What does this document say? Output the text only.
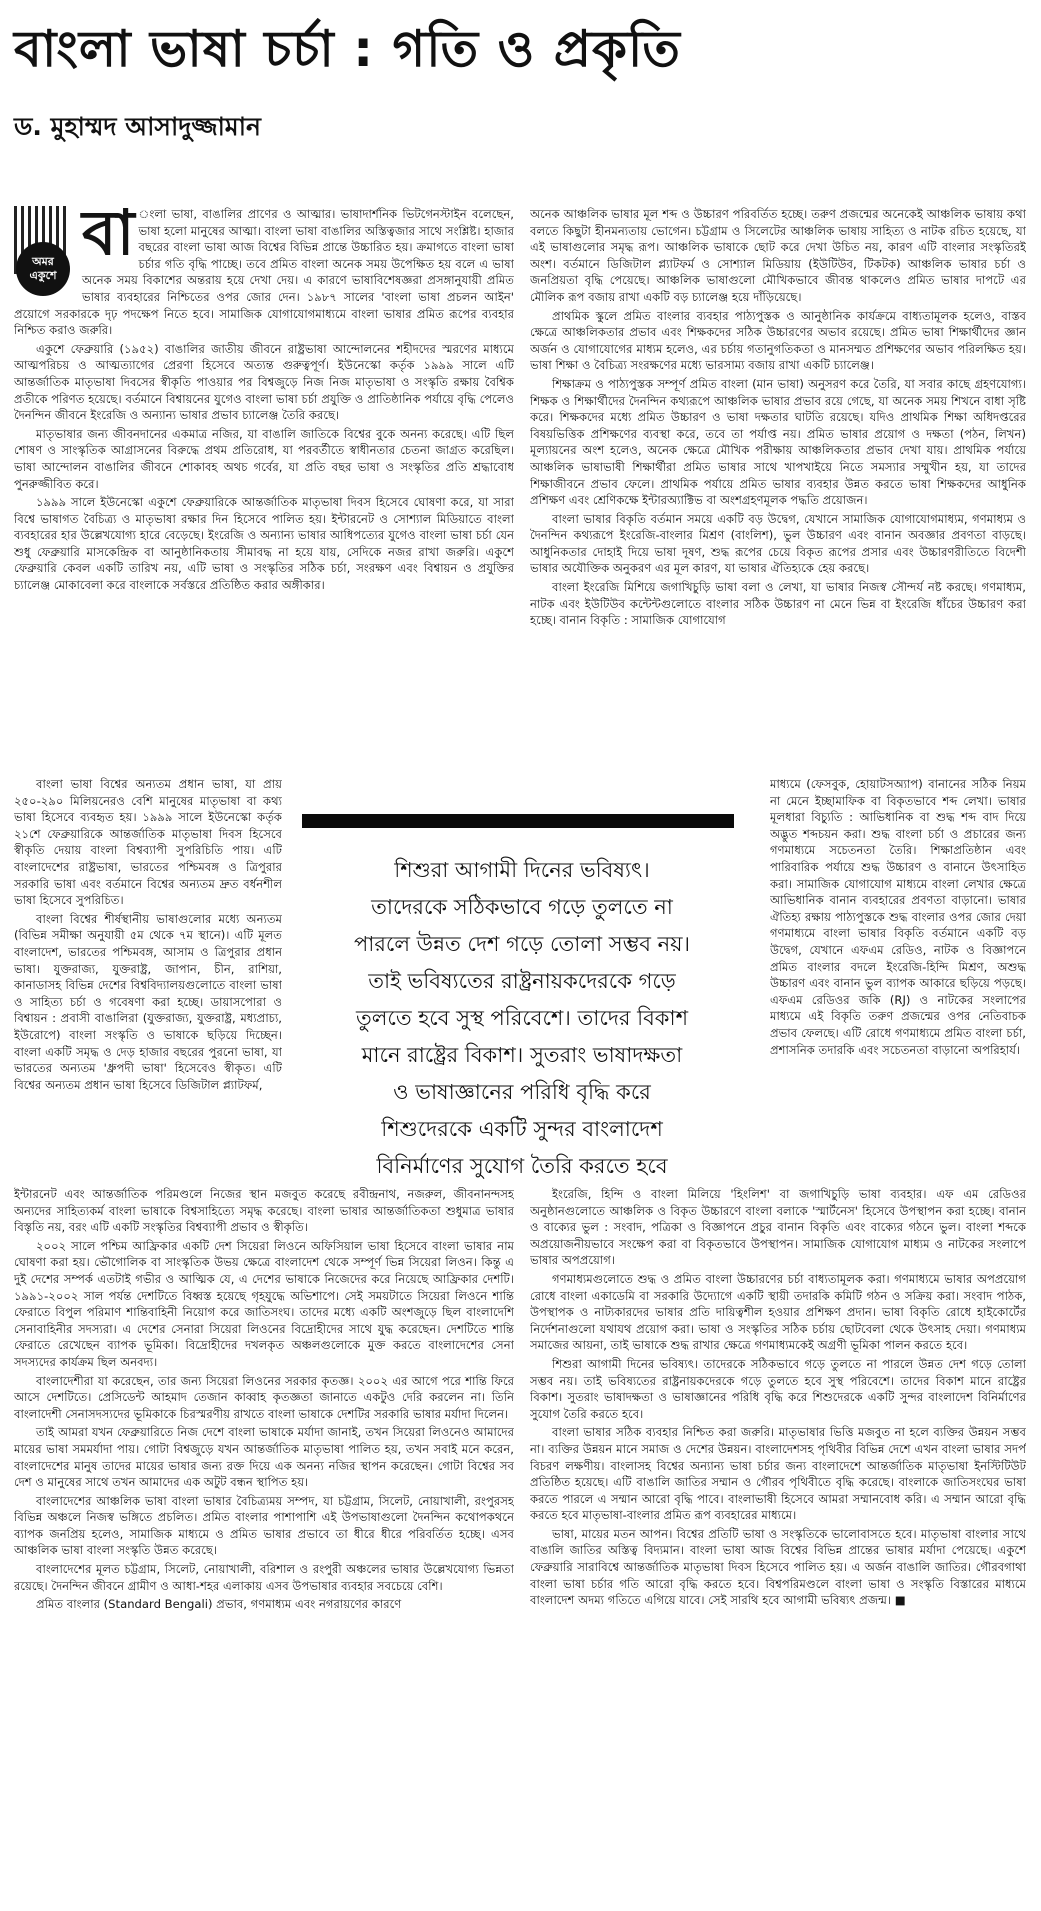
বাংলা ভাষা চর্চা : গতি ও প্রকৃতি
ড. মুহাম্মদ আসাদুজ্জামান
অমর
একুশে
বা ংলা ভাষা, বাঙালির প্রাণের ও আত্মার। ভাষাদার্শনিক ভিটগেনস্টাইন বলেছেন, ভাষা হলো মানুষের আত্মা। বাংলা ভাষা বাঙালির অস্তিত্বজার সাথে সংশ্লিষ্ট। হাজার বছরের বাংলা ভাষা আজ বিশ্বের বিভিন্ন প্রান্তে উচ্চারিত হয়। ক্রমাগতে বাংলা ভাষা চর্চার গতি বৃদ্ধি পাচ্ছে। তবে প্রমিত বাংলা অনেক সময় উপেক্ষিত হয় বলে এ ভাষা অনেক সময় বিকাশের অন্তরায় হয়ে দেখা দেয়। এ কারণে ভাষাবিশেষজ্ঞরা প্রসঙ্গানুযায়ী প্রমিত ভাষার ব্যবহারের নিশ্চিতের ওপর জোর দেন। ১৯৮৭ সালের 'বাংলা ভাষা প্রচলন আইন' প্রয়োগে সরকারকে দৃঢ় পদক্ষেপ নিতে হবে। সামাজিক যোগাযোগমাধ্যমে বাংলা ভাষার প্রমিত রূপের ব্যবহার নিশ্চিত করাও জরুরি।

একুশে ফেব্রুয়ারি (১৯৫২) বাঙালির জাতীয় জীবনে রাষ্ট্রভাষা আন্দোলনের শহীদদের স্মরণের মাধ্যমে আত্মপরিচয় ও আত্মত্যাগের প্রেরণা হিসেবে অত্যন্ত গুরুত্বপূর্ণ। ইউনেস্কো কর্তৃক ১৯৯৯ সালে এটি আন্তর্জাতিক মাতৃভাষা দিবসের স্বীকৃতি পাওয়ার পর বিশ্বজুড়ে নিজ নিজ মাতৃভাষা ও সংস্কৃতি রক্ষায় বৈশ্বিক প্রতীকে পরিণত হয়েছে। বর্তমানে বিশ্বায়নের যুগেও বাংলা ভাষা চর্চা প্রযুক্তি ও প্রাতিষ্ঠানিক পর্যায়ে বৃদ্ধি পেলেও দৈনন্দিন জীবনে ইংরেজি ও অন্যান্য ভাষার প্রভাব চ্যালেঞ্জ তৈরি করছে।

মাতৃভাষার জন্য জীবনদানের একমাত্র নজির, যা বাঙালি জাতিকে বিশ্বের বুকে অনন্য করেছে। এটি ছিল শোষণ ও সাংস্কৃতিক আগ্রাসনের বিরুদ্ধে প্রথম প্রতিরোধ, যা পরবর্তীতে স্বাধীনতার চেতনা জাগ্রত করেছিল। ভাষা আন্দোলন বাঙালির জীবনে শোকাবহ অথচ গর্বের, যা প্রতি বছর ভাষা ও সংস্কৃতির প্রতি শ্রদ্ধাবোধ পুনরুজ্জীবিত করে।

১৯৯৯ সালে ইউনেস্কো একুশে ফেব্রুয়ারিকে আন্তর্জাতিক মাতৃভাষা দিবস হিসেবে ঘোষণা করে, যা সারা বিশ্বে ভাষাগত বৈচিত্র্য ও মাতৃভাষা রক্ষার দিন হিসেবে পালিত হয়। ইন্টারনেট ও সোশ্যাল মিডিয়াতে বাংলা ব্যবহারের হার উল্লেখযোগ্য হারে বেড়েছে। ইংরেজি ও অন্যান্য ভাষার আধিপত্যের যুগেও বাংলা ভাষা চর্চা যেন শুধু ফেব্রুয়ারি মাসকেন্দ্রিক বা আনুষ্ঠানিকতায় সীমাবদ্ধ না হয়ে যায়, সেদিকে নজর রাখা জরুরি। একুশে ফেব্রুয়ারি কেবল একটি তারিখ নয়, এটি ভাষা ও সংস্কৃতির সঠিক চর্চা, সংরক্ষণ এবং বিশ্বায়ন ও প্রযুক্তির চ্যালেঞ্জ মোকাবেলা করে বাংলাকে সর্বস্তরে প্রতিষ্ঠিত করার অঙ্গীকার।

বাংলা ভাষা বিশ্বের অন্যতম প্রধান ভাষা, যা প্রায় ২৫০-২৯০ মিলিয়নেরও বেশি মানুষের মাতৃভাষা বা কথ্য ভাষা হিসেবে ব্যবহৃত হয়। ১৯৯৯ সালে ইউনেস্কো কর্তৃক ২১শে ফেব্রুয়ারিকে আন্তর্জাতিক মাতৃভাষা দিবস হিসেবে স্বীকৃতি দেয়ায় বাংলা বিশ্বব্যাপী সুপরিচিতি পায়। এটি বাংলাদেশের রাষ্ট্রভাষা, ভারতের পশ্চিমবঙ্গ ও ত্রিপুরার সরকারি ভাষা এবং বর্তমানে বিশ্বের অন্যতম দ্রুত বর্ধনশীল ভাষা হিসেবে সুপরিচিত।

বাংলা বিশ্বের শীর্ষস্থানীয় ভাষাগুলোর মধ্যে অন্যতম (বিভিন্ন সমীক্ষা অনুযায়ী ৫ম থেকে ৭ম স্থানে)। এটি মূলত বাংলাদেশ, ভারতের পশ্চিমবঙ্গ, আসাম ও ত্রিপুরার প্রধান ভাষা। যুক্তরাজ্য, যুক্তরাষ্ট্র, জাপান, চীন, রাশিয়া, কানাডাসহ বিভিন্ন দেশের বিশ্ববিদ্যালয়গুলোতে বাংলা ভাষা ও সাহিত্য চর্চা ও গবেষণা করা হচ্ছে। ডায়াসপোরা ও বিশ্বায়ন : প্রবাসী বাঙালিরা (যুক্তরাজ্য, যুক্তরাষ্ট্র, মধ্যপ্রাচ্য, ইউরোপে) বাংলা সংস্কৃতি ও ভাষাকে ছড়িয়ে দিচ্ছেন। বাংলা একটি সমৃদ্ধ ও দেড় হাজার বছরের পুরনো ভাষা, যা ভারতের অন্যতম 'ধ্রুপদী ভাষা' হিসেবেও স্বীকৃত। এটি বিশ্বের অন্যতম প্রধান ভাষা হিসেবে ডিজিটাল প্ল্যাটফর্ম,

শিশুরা আগামী দিনের ভবিষ্যৎ।
তাদেরকে সঠিকভাবে গড়ে তুলতে না
পারলে উন্নত দেশ গড়ে তোলা সম্ভব নয়।
তাই ভবিষ্যতের রাষ্ট্রনায়কদেরকে গড়ে
তুলতে হবে সুস্থ পরিবেশে। তাদের বিকাশ
মানে রাষ্ট্রের বিকাশ। সুতরাং ভাষাদক্ষতা
ও ভাষাজ্ঞানের পরিধি বৃদ্ধি করে
শিশুদেরকে একটি সুন্দর বাংলাদেশ
বিনির্মাণের সুযোগ তৈরি করতে হবে

ইন্টারনেট এবং আন্তর্জাতিক পরিমণ্ডলে নিজের স্থান মজবুত করেছে রবীন্দ্রনাথ, নজরুল, জীবনানন্দসহ অন্যদের সাহিত্যকর্ম বাংলা ভাষাকে বিশ্বসাহিত্যে সমৃদ্ধ করেছে। বাংলা ভাষার আন্তর্জাতিকতা শুধুমাত্র ভাষার বিস্তৃতি নয়, বরং এটি একটি সংস্কৃতির বিশ্বব্যাপী প্রভাব ও স্বীকৃতি।

২০০২ সালে পশ্চিম আফ্রিকার একটি দেশ সিয়েরা লিওনে অফিসিয়াল ভাষা হিসেবে বাংলা ভাষার নাম ঘোষণা করা হয়। ভৌগোলিক বা সাংস্কৃতিক উভয় ক্ষেত্রে বাংলাদেশ থেকে সম্পূর্ণ ভিন্ন সিয়েরা লিওন। কিন্তু এ দুই দেশের সম্পর্ক এতটাই গভীর ও আত্মিক যে, এ দেশের ভাষাকে নিজেদের করে নিয়েছে আফ্রিকার দেশটি। ১৯৯১-২০০২ সাল পর্যন্ত দেশটিতে বিধ্বস্ত হয়েছে গৃহযুদ্ধে অভিশাপে। সেই সময়টাতে সিয়েরা লিওনে শান্তি ফেরাতে বিপুল পরিমাণ শান্তিবাহিনী নিয়োগ করে জাতিসংঘ। তাদের মধ্যে একটি অংশজুড়ে ছিল বাংলাদেশি সেনাবাহিনীর সদস্যরা। এ দেশের সেনারা সিয়েরা লিওনের বিদ্রোহীদের সাথে যুদ্ধ করেছেন। দেশটিতে শান্তি ফেরাতে রেখেছেন ব্যাপক ভূমিকা। বিদ্রোহীদের দখলকৃত অঞ্চলগুলোকে মুক্ত করতে বাংলাদেশের সেনা সদস্যদের কার্যক্রম ছিল অনবদ্য।

বাংলাদেশীরা যা করেছেন, তার জন্য সিয়েরা লিওনের সরকার কৃতজ্ঞ। ২০০২ এর আগে পরে শান্তি ফিরে আসে দেশটিতে। প্রেসিডেন্ট আহমাদ তেজান কাব্বাহ কৃতজ্ঞতা জানাতে একটুও দেরি করলেন না। তিনি বাংলাদেশী সেনাসদস্যদের ভূমিকাকে চিরস্মরণীয় রাখতে বাংলা ভাষাকে দেশটির সরকারি ভাষার মর্যাদা দিলেন।

তাই আমরা যখন ফেব্রুয়ারিতে নিজ দেশে বাংলা ভাষাকে মর্যাদা জানাই, তখন সিয়েরা লিওনেও আমাদের মায়ের ভাষা সমমর্যাদা পায়। গোটা বিশ্বজুড়ে যখন আন্তর্জাতিক মাতৃভাষা পালিত হয়, তখন সবাই মনে করেন, বাংলাদেশের মানুষ তাদের মায়ের ভাষার জন্য রক্ত দিয়ে এক অনন্য নজির স্থাপন করেছেন। গোটা বিশ্বের সব দেশ ও মানুষের সাথে তখন আমাদের এক অটুট বন্ধন স্থাপিত হয়।

বাংলাদেশের আঞ্চলিক ভাষা বাংলা ভাষার বৈচিত্র্যময় সম্পদ, যা চট্টগ্রাম, সিলেট, নোয়াখালী, রংপুরসহ বিভিন্ন অঞ্চলে নিজস্ব ভঙ্গিতে প্রচলিত। প্রমিত বাংলার পাশাপাশি এই উপভাষাগুলো দৈনন্দিন কথোপকথনে ব্যাপক জনপ্রিয় হলেও, সামাজিক মাধ্যমে ও প্রমিত ভাষার প্রভাবে তা ধীরে ধীরে পরিবর্তিত হচ্ছে। এসব আঞ্চলিক ভাষা বাংলা সংস্কৃতি উন্নত করেছে।

বাংলাদেশের মূলত চট্টগ্রাম, সিলেট, নোয়াখালী, বরিশাল ও রংপুরী অঞ্চলের ভাষার উল্লেখযোগ্য ভিন্নতা রয়েছে। দৈনন্দিন জীবনে গ্রামীণ ও আধা-শহর এলাকায় এসব উপভাষার ব্যবহার সবচেয়ে বেশি।

প্রমিত বাংলার (Standard Bengali) প্রভাব, গণমাধ্যম এবং নগরায়ণের কারণে

অনেক আঞ্চলিক ভাষার মূল শব্দ ও উচ্চারণ পরিবর্তিত হচ্ছে। তরুণ প্রজন্মের অনেকেই আঞ্চলিক ভাষায় কথা বলতে কিছুটা হীনমন্যতায় ভোগেন। চট্টগ্রাম ও সিলেটের আঞ্চলিক ভাষায় সাহিত্য ও নাটক রচিত হয়েছে, যা এই ভাষাগুলোর সমৃদ্ধ রূপ। আঞ্চলিক ভাষাকে ছোট করে দেখা উচিত নয়, কারণ এটি বাংলার সংস্কৃতিরই অংশ। বর্তমানে ডিজিটাল প্ল্যাটফর্ম ও সোশ্যাল মিডিয়ায় (ইউটিউব, টিকটক) আঞ্চলিক ভাষার চর্চা ও জনপ্রিয়তা বৃদ্ধি পেয়েছে। আঞ্চলিক ভাষাগুলো মৌখিকভাবে জীবন্ত থাকলেও প্রমিত ভাষার দাপটে এর মৌলিক রূপ বজায় রাখা একটি বড় চ্যালেঞ্জ হয়ে দাঁড়িয়েছে।

প্রাথমিক স্কুলে প্রমিত বাংলার ব্যবহার পাঠ্যপুস্তক ও আনুষ্ঠানিক কার্যক্রমে বাধ্যতামূলক হলেও, বাস্তব ক্ষেত্রে আঞ্চলিকতার প্রভাব এবং শিক্ষকদের সঠিক উচ্চারণের অভাব রয়েছে। প্রমিত ভাষা শিক্ষার্থীদের জ্ঞান অর্জন ও যোগাযোগের মাধ্যম হলেও, এর চর্চায় গতানুগতিকতা ও মানসম্মত প্রশিক্ষণের অভাব পরিলক্ষিত হয়। ভাষা শিক্ষা ও বৈচিত্র্য সংরক্ষণের মধ্যে ভারসাম্য বজায় রাখা একটি চ্যালেঞ্জ।

শিক্ষাক্রম ও পাঠ্যপুস্তক সম্পূর্ণ প্রমিত বাংলা (মান ভাষা) অনুসরণ করে তৈরি, যা সবার কাছে গ্রহণযোগ্য। শিক্ষক ও শিক্ষার্থীদের দৈনন্দিন কথ্যরূপে আঞ্চলিক ভাষার প্রভাব রয়ে গেছে, যা অনেক সময় শিখনে বাধা সৃষ্টি করে। শিক্ষকদের মধ্যে প্রমিত উচ্চারণ ও ভাষা দক্ষতার ঘাটতি রয়েছে। যদিও প্রাথমিক শিক্ষা অধিদপ্তরের বিষয়ভিত্তিক প্রশিক্ষণের ব্যবস্থা করে, তবে তা পর্যাপ্ত নয়। প্রমিত ভাষার প্রয়োগ ও দক্ষতা (পঠন, লিখন) মূল্যায়নের অংশ হলেও, অনেক ক্ষেত্রে মৌখিক পরীক্ষায় আঞ্চলিকতার প্রভাব দেখা যায়। প্রাথমিক পর্যায়ে আঞ্চলিক ভাষাভাষী শিক্ষার্থীরা প্রমিত ভাষার সাথে খাপখাইয়ে নিতে সমস্যার সম্মুখীন হয়, যা তাদের শিক্ষাজীবনে প্রভাব ফেলে। প্রাথমিক পর্যায়ে প্রমিত ভাষার ব্যবহার উন্নত করতে ভাষা শিক্ষকদের আধুনিক প্রশিক্ষণ এবং শ্রেণিকক্ষে ইন্টারঅ্যাক্টিভ বা অংশগ্রহণমূলক পদ্ধতি প্রয়োজন।

বাংলা ভাষার বিকৃতি বর্তমান সময়ে একটি বড় উদ্বেগ, যেখানে সামাজিক যোগাযোগমাধ্যম, গণমাধ্যম ও দৈনন্দিন কথ্যরূপে ইংরেজি-বাংলার মিশ্রণ (বাংলিশ), ভুল উচ্চারণ এবং বানান অবজ্ঞার প্রবণতা বাড়ছে। আধুনিকতার দোহাই দিয়ে ভাষা দূষণ, শুদ্ধ রূপের চেয়ে বিকৃত রূপের প্রসার এবং উচ্চারণরীতিতে বিদেশী ভাষার অযৌক্তিক অনুকরণ এর মূল কারণ, যা ভাষার ঐতিহ্যকে হেয় করছে।

বাংলা ইংরেজি মিশিয়ে জগাখিচুড়ি ভাষা বলা ও লেখা, যা ভাষার নিজস্ব সৌন্দর্য নষ্ট করছে। গণমাধ্যম, নাটক এবং ইউটিউব কন্টেন্টগুলোতে বাংলার সঠিক উচ্চারণ না মেনে ভিন্ন বা ইংরেজি ধাঁচের উচ্চারণ করা হচ্ছে। বানান বিকৃতি : সামাজিক যোগাযোগ

মাধ্যমে (ফেসবুক, হোয়াটসঅ্যাপ) বানানের সঠিক নিয়ম না মেনে ইচ্ছামাফিক বা বিকৃতভাবে শব্দ লেখা। ভাষার মূলধারা বিচ্যুতি : আভিধানিক বা শুদ্ধ শব্দ বাদ দিয়ে অদ্ভুত শব্দচয়ন করা। শুদ্ধ বাংলা চর্চা ও প্রচারের জন্য গণমাধ্যমে সচেতনতা তৈরি। শিক্ষাপ্রতিষ্ঠান এবং পারিবারিক পর্যায়ে শুদ্ধ উচ্চারণ ও বানানে উৎসাহিত করা। সামাজিক যোগাযোগ মাধ্যমে বাংলা লেখার ক্ষেত্রে আভিধানিক বানান ব্যবহারের প্রবণতা বাড়ানো। ভাষার ঐতিহ্য রক্ষায় পাঠ্যপুস্তকে শুদ্ধ বাংলার ওপর জোর দেয়া গণমাধ্যমে বাংলা ভাষার বিকৃতি বর্তমানে একটি বড় উদ্বেগ, যেখানে এফএম রেডিও, নাটক ও বিজ্ঞাপনে প্রমিত বাংলার বদলে ইংরেজি-হিন্দি মিশ্রণ, অশুদ্ধ উচ্চারণ এবং বানান ভুল ব্যাপক আকারে ছড়িয়ে পড়ছে। এফএম রেডিওর জকি (RJ) ও নাটকের সংলাপের মাধ্যমে এই বিকৃতি তরুণ প্রজন্মের ওপর নেতিবাচক প্রভাব ফেলছে। এটি রোধে গণমাধ্যমে প্রমিত বাংলা চর্চা, প্রশাসনিক তদারকি এবং সচেতনতা বাড়ানো অপরিহার্য।

ইংরেজি, হিন্দি ও বাংলা মিলিয়ে 'হিংলিশ' বা জগাখিচুড়ি ভাষা ব্যবহার। এফ এম রেডিওর অনুষ্ঠানগুলোতে আঞ্চলিক ও বিকৃত উচ্চারণে বাংলা বলাকে 'স্মার্টনেস' হিসেবে উপস্থাপন করা হচ্ছে। বানান ও বাক্যের ভুল : সংবাদ, পত্রিকা ও বিজ্ঞাপনে প্রচুর বানান বিকৃতি এবং বাক্যের গঠনে ভুল। বাংলা শব্দকে অপ্রয়োজনীয়ভাবে সংক্ষেপ করা বা বিকৃতভাবে উপস্থাপন। সামাজিক যোগাযোগ মাধ্যম ও নাটকের সংলাপে ভাষার অপপ্রয়োগ।

গণমাধ্যমগুলোতে শুদ্ধ ও প্রমিত বাংলা উচ্চারণের চর্চা বাধ্যতামূলক করা। গণমাধ্যমে ভাষার অপপ্রয়োগ রোধে বাংলা একাডেমি বা সরকারি উদ্যোগে একটি স্থায়ী তদারকি কমিটি গঠন ও সক্রিয় করা। সংবাদ পাঠক, উপস্থাপক ও নাট্যকারদের ভাষার প্রতি দায়িত্বশীল হওয়ার প্রশিক্ষণ প্রদান। ভাষা বিকৃতি রোধে হাইকোর্টের নির্দেশনাগুলো যথাযথ প্রয়োগ করা। ভাষা ও সংস্কৃতির সঠিক চর্চায় ছোটবেলা থেকে উৎসাহ দেয়া। গণমাধ্যম সমাজের আয়না, তাই ভাষাকে শুদ্ধ রাখার ক্ষেত্রে গণমাধ্যমকেই অগ্রণী ভূমিকা পালন করতে হবে।

শিশুরা আগামী দিনের ভবিষ্যৎ। তাদেরকে সঠিকভাবে গড়ে তুলতে না পারলে উন্নত দেশ গড়ে তোলা সম্ভব নয়। তাই ভবিষ্যতের রাষ্ট্রনায়কদেরকে গড়ে তুলতে হবে সুস্থ পরিবেশে। তাদের বিকাশ মানে রাষ্ট্রের বিকাশ। সুতরাং ভাষাদক্ষতা ও ভাষাজ্ঞানের পরিধি বৃদ্ধি করে শিশুদেরকে একটি সুন্দর বাংলাদেশ বিনির্মাণের সুযোগ তৈরি করতে হবে।

বাংলা ভাষার সঠিক ব্যবহার নিশ্চিত করা জরুরি। মাতৃভাষার ভিত্তি মজবুত না হলে ব্যক্তির উন্নয়ন সম্ভব না। ব্যক্তির উন্নয়ন মানে সমাজ ও দেশের উন্নয়ন। বাংলাদেশসহ পৃথিবীর বিভিন্ন দেশে এখন বাংলা ভাষার সদর্প বিচরণ লক্ষণীয়। বাংলাসহ বিশ্বের অন্যান্য ভাষা চর্চার জন্য বাংলাদেশে আন্তর্জাতিক মাতৃভাষা ইনস্টিটিউট প্রতিষ্ঠিত হয়েছে। এটি বাঙালি জাতির সম্মান ও গৌরব পৃথিবীতে বৃদ্ধি করেছে। বাংলাকে জাতিসংঘের ভাষা করতে পারলে এ সম্মান আরো বৃদ্ধি পাবে। বাংলাভাষী হিসেবে আমরা সম্মানবোধ করি। এ সম্মান আরো বৃদ্ধি করতে হবে মাতৃভাষা-বাংলার প্রমিত রূপ ব্যবহারের মাধ্যমে।

ভাষা, মায়ের মতন আপন। বিশ্বের প্রতিটি ভাষা ও সংস্কৃতিকে ভালোবাসতে হবে। মাতৃভাষা বাংলার সাথে বাঙালি জাতির অস্তিত্ব বিদ্যমান। বাংলা ভাষা আজ বিশ্বের বিভিন্ন প্রান্তের ভাষার মর্যাদা পেয়েছে। একুশে ফেব্রুয়ারি সারাবিশ্বে আন্তর্জাতিক মাতৃভাষা দিবস হিসেবে পালিত হয়। এ অর্জন বাঙালি জাতির। গৌরবগাথা বাংলা ভাষা চর্চার গতি আরো বৃদ্ধি করতে হবে। বিশ্বপরিমণ্ডলে বাংলা ভাষা ও সংস্কৃতি বিস্তারের মাধ্যমে বাংলাদেশ অদম্য গতিতে এগিয়ে যাবে। সেই সারথি হবে আগামী ভবিষ্যৎ প্রজন্ম। ■
